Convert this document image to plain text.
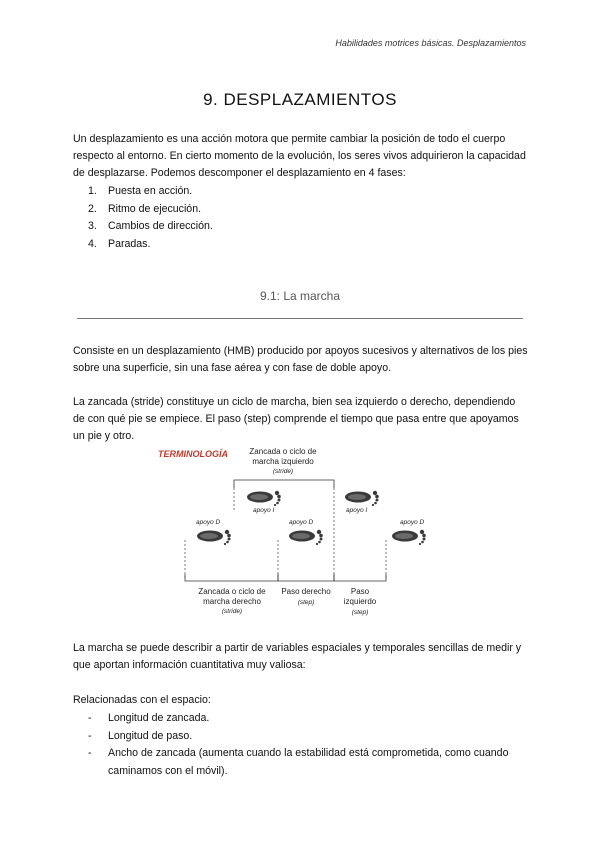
Habilidades motrices básicas. Desplazamientos
9. DESPLAZAMIENTOS
Un desplazamiento es una acción motora que permite cambiar la posición de todo el cuerpo respecto al entorno. En cierto momento de la evolución, los seres vivos adquirieron la capacidad de desplazarse. Podemos descomponer el desplazamiento en 4 fases:
1. Puesta en acción.
2. Ritmo de ejecución.
3. Cambios de dirección.
4. Paradas.
9.1: La marcha
Consiste en un desplazamiento (HMB) producido por apoyos sucesivos y alternativos de los pies sobre una superficie, sin una fase aérea y con fase de doble apoyo.
La zancada (stride) constituye un ciclo de marcha, bien sea izquierdo o derecho, dependiendo de con qué pie se empiece. El paso (step) comprende el tiempo que pasa entre que apoyamos un pie y otro.
TERMINOLOGÍA	Zancada o ciclo de
marcha izquierdo
(stride)
apoyo I	apoyo I
apoyo D	apoyo D	apoyo D
Zancada o ciclo de
marcha derecho
(stride)
Paso derecho
(step)
Paso
izquierdo
(step)
La marcha se puede describir a partir de variables espaciales y temporales sencillas de medir y que aportan información cuantitativa muy valiosa:
Relacionadas con el espacio:
-	Longitud de zancada.
-	Longitud de paso.
-	Ancho de zancada (aumenta cuando la estabilidad está comprometida, como cuando caminamos con el móvil).
